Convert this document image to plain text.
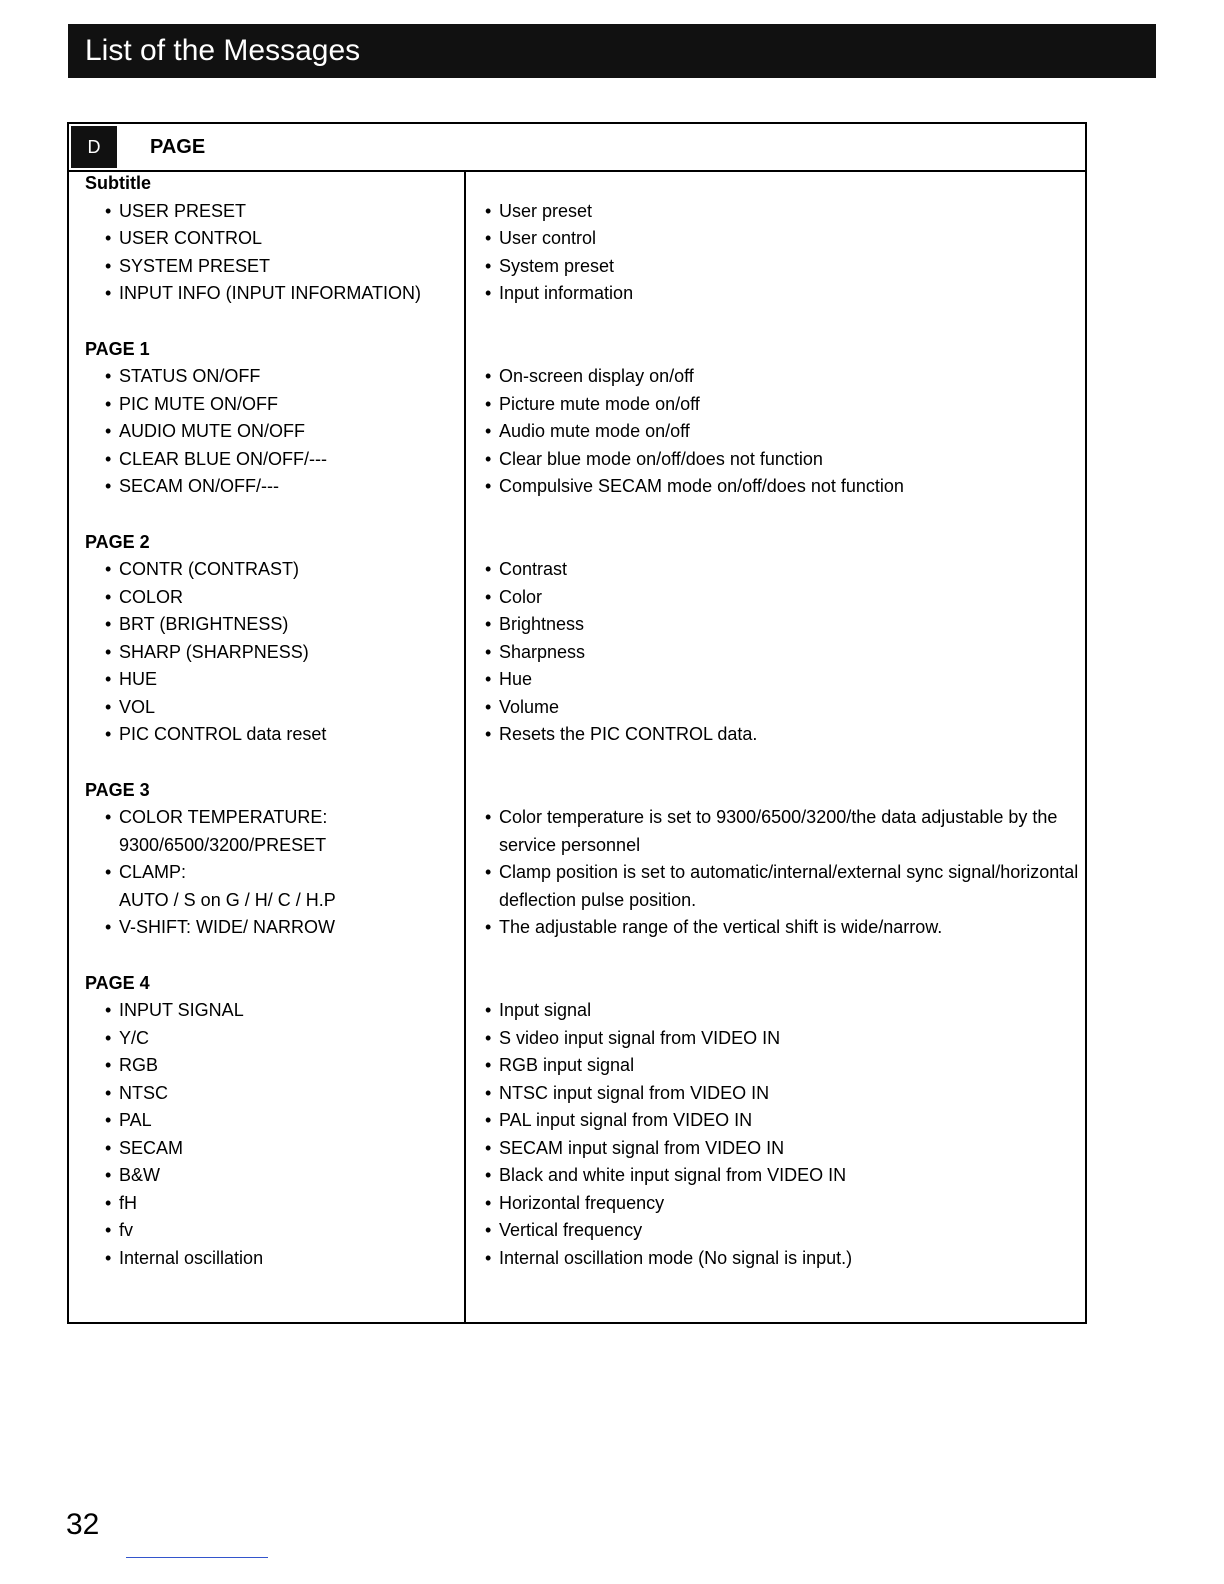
List of the Messages
D	PAGE
Subtitle
• USER PRESET
• USER CONTROL
• SYSTEM PRESET
• INPUT INFO (INPUT INFORMATION)
PAGE 1
• STATUS ON/OFF
• PIC MUTE ON/OFF
• AUDIO MUTE ON/OFF
• CLEAR BLUE ON/OFF/---
• SECAM ON/OFF/---
PAGE 2
• CONTR (CONTRAST)
• COLOR
• BRT (BRIGHTNESS)
• SHARP (SHARPNESS)
• HUE
• VOL
• PIC CONTROL data reset
PAGE 3
• COLOR TEMPERATURE:
9300/6500/3200/PRESET
• CLAMP:
AUTO / S on G / H/ C / H.P
• V-SHIFT: WIDE/ NARROW
PAGE 4
• INPUT SIGNAL
• Y/C
• RGB
• NTSC
• PAL
• SECAM
• B&W
• fH
• fv
• Internal oscillation
• User preset
• User control
• System preset
• Input information
• On-screen display on/off
• Picture mute mode on/off
• Audio mute mode on/off
• Clear blue mode on/off/does not function
• Compulsive SECAM mode on/off/does not function
• Contrast
• Color
• Brightness
• Sharpness
• Hue
• Volume
• Resets the PIC CONTROL data.
• Color temperature is set to 9300/6500/3200/the data adjustable by the
service personnel
• Clamp position is set to automatic/internal/external sync signal/horizontal
deflection pulse position.
• The adjustable range of the vertical shift is wide/narrow.
• Input signal
• S video input signal from VIDEO IN
• RGB input signal
• NTSC input signal from VIDEO IN
• PAL input signal from VIDEO IN
• SECAM input signal from VIDEO IN
• Black and white input signal from VIDEO IN
• Horizontal frequency
• Vertical frequency
• Internal oscillation mode (No signal is input.)
32
